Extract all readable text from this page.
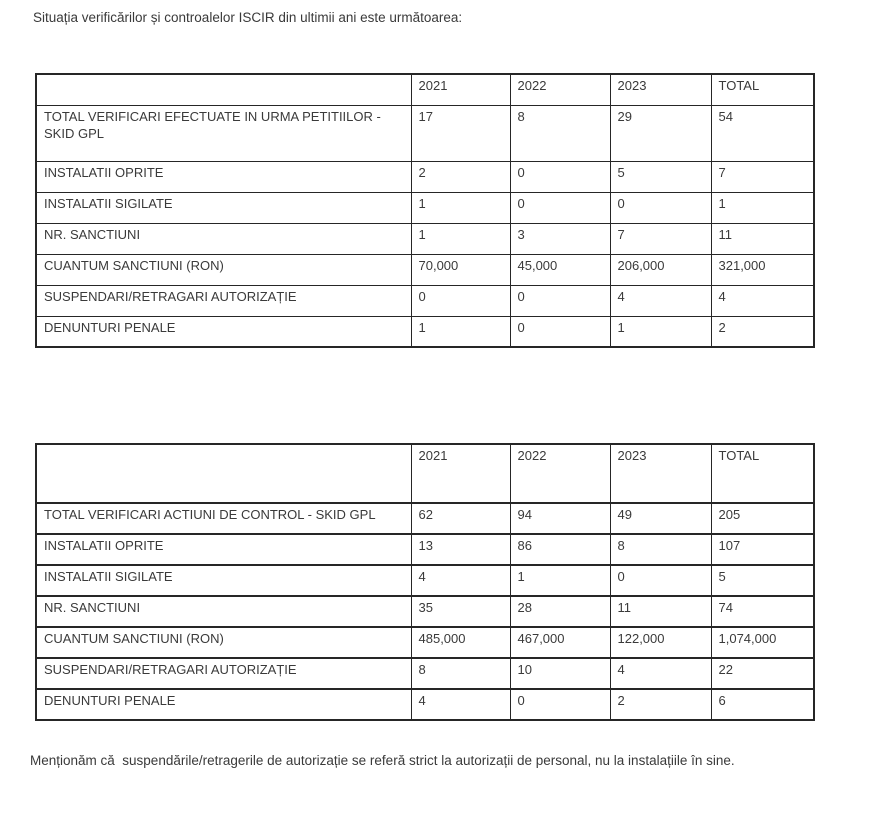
Situația verificărilor și controalelor ISCIR din ultimii ani este următoarea:

	2021	2022	2023	TOTAL
TOTAL VERIFICARI EFECTUATE IN URMA PETITIILOR - SKID GPL	17	8	29	54
INSTALATII OPRITE	2	0	5	7
INSTALATII SIGILATE	1	0	0	1
NR. SANCTIUNI	1	3	7	11
CUANTUM SANCTIUNI (RON)	70,000	45,000	206,000	321,000
SUSPENDARI/RETRAGARI AUTORIZAȚIE	0	0	4	4
DENUNTURI PENALE	1	0	1	2
	2021	2022	2023	TOTAL
TOTAL VERIFICARI ACTIUNI DE CONTROL - SKID GPL	62	94	49	205
INSTALATII OPRITE	13	86	8	107
INSTALATII SIGILATE	4	1	0	5
NR. SANCTIUNI	35	28	11	74
CUANTUM SANCTIUNI (RON)	485,000	467,000	122,000	1,074,000
SUSPENDARI/RETRAGARI AUTORIZAȚIE	8	10	4	22
DENUNTURI PENALE	4	0	2	6

Menționăm că  suspendările/retragerile de autorizație se referă strict la autorizații de personal, nu la instalațiile în sine.
